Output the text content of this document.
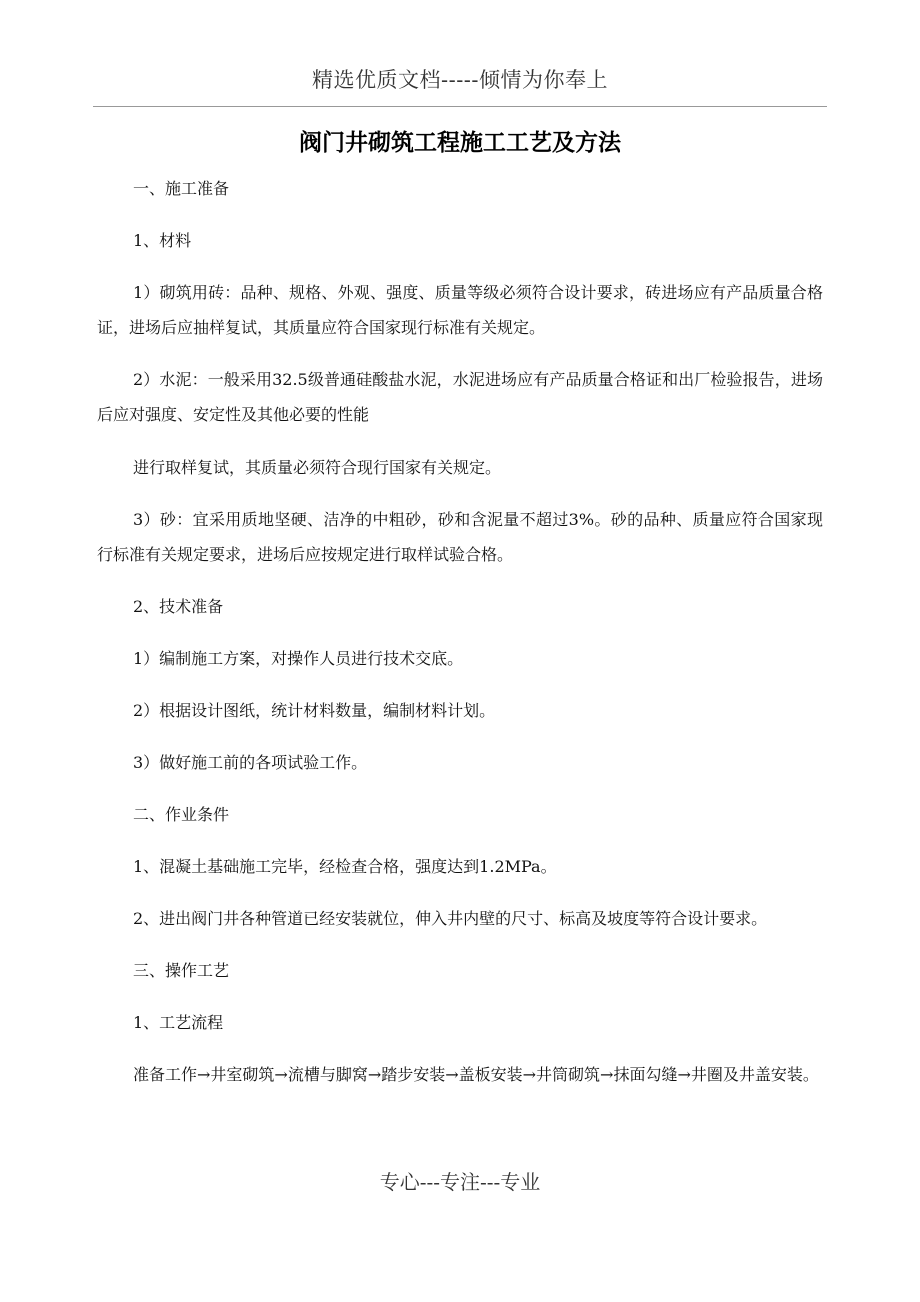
精选优质文档-----倾情为你奉上
阀门井砌筑工程施工工艺及方法

一、施工准备

1、材料

1）砌筑用砖：品种、规格、外观、强度、质量等级必须符合设计要求，砖进场应有产品质量合格证，进场后应抽样复试，其质量应符合国家现行标准有关规定。

2）水泥：一般采用32.5级普通硅酸盐水泥，水泥进场应有产品质量合格证和出厂检验报告，进场后应对强度、安定性及其他必要的性能

进行取样复试，其质量必须符合现行国家有关规定。

3）砂：宜采用质地坚硬、洁净的中粗砂，砂和含泥量不超过3%。砂的品种、质量应符合国家现行标准有关规定要求，进场后应按规定进行取样试验合格。

2、技术准备

1）编制施工方案，对操作人员进行技术交底。

2）根据设计图纸，统计材料数量，编制材料计划。

3）做好施工前的各项试验工作。

二、作业条件

1、混凝土基础施工完毕，经检查合格，强度达到1.2MPa。

2、进出阀门井各种管道已经安装就位，伸入井内壁的尺寸、标高及坡度等符合设计要求。

三、操作工艺

1、工艺流程

准备工作→井室砌筑→流槽与脚窝→踏步安装→盖板安装→井筒砌筑→抹面勾缝→井圈及井盖安装。

专心---专注---专业
